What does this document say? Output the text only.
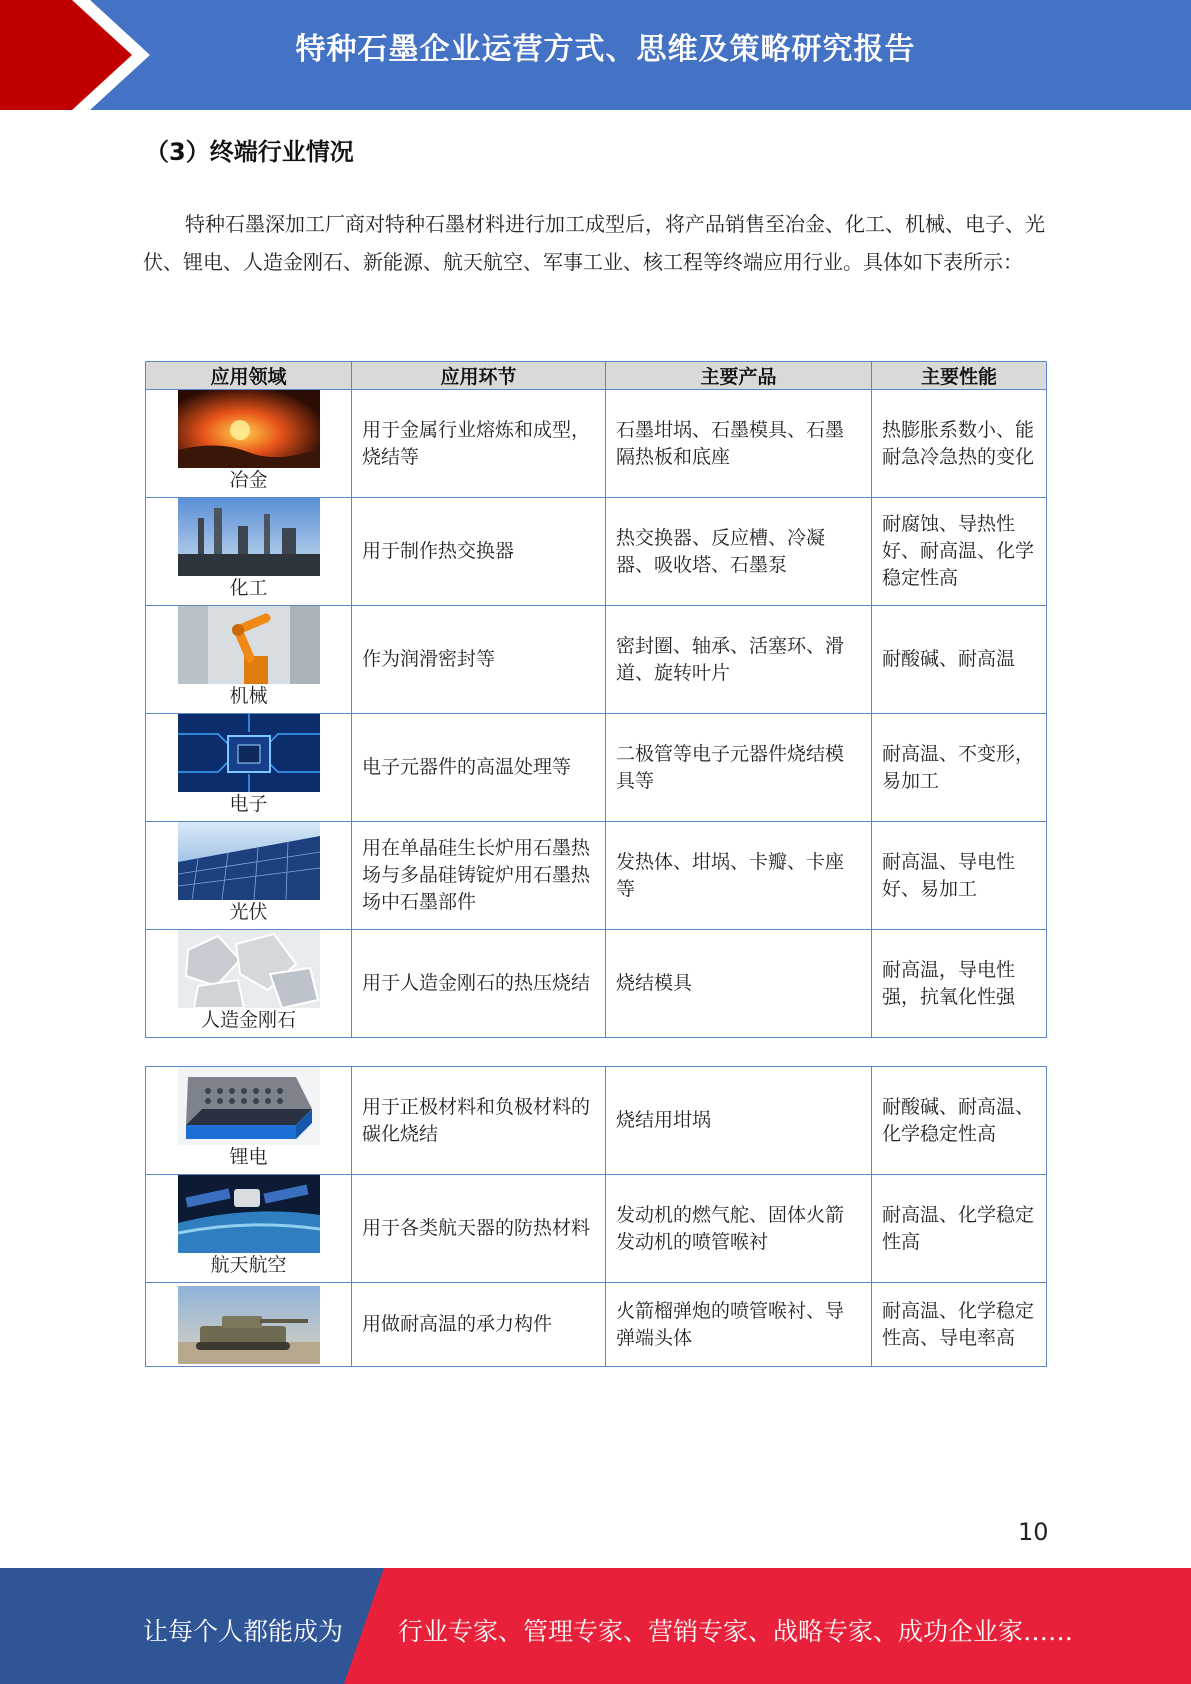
特种石墨企业运营方式、思维及策略研究报告
（3）终端行业情况
特种石墨深加工厂商对特种石墨材料进行加工成型后，将产品销售至冶金、化工、机械、电子、光伏、锂电、人造金刚石、新能源、航天航空、军事工业、核工程等终端应用行业。具体如下表所示：
应用领域	应用环节	主要产品	主要性能

冶金	用于金属行业熔炼和成型，烧结等	石墨坩埚、石墨模具、石墨隔热板和底座	热膨胀系数小、能耐急冷急热的变化

化工	用于制作热交换器	热交换器、反应槽、冷凝器、吸收塔、石墨泵	耐腐蚀、导热性好、耐高温、化学稳定性高

机械	作为润滑密封等	密封圈、轴承、活塞环、滑道、旋转叶片	耐酸碱、耐高温

电子	电子元器件的高温处理等	二极管等电子元器件烧结模具等	耐高温、不变形，易加工

光伏	用在单晶硅生长炉用石墨热场与多晶硅铸锭炉用石墨热场中石墨部件	发热体、坩埚、卡瓣、卡座等	耐高温、导电性好、易加工

人造金刚石	用于人造金刚石的热压烧结	烧结模具	耐高温，导电性强，抗氧化性强
锂电	用于正极材料和负极材料的碳化烧结	烧结用坩埚	耐酸碱、耐高温、化学稳定性高

航天航空	用于各类航天器的防热材料	发动机的燃气舵、固体火箭发动机的喷管喉衬	耐高温、化学稳定性高

	用做耐高温的承力构件	火箭榴弹炮的喷管喉衬、导弹端头体	耐高温、化学稳定性高、导电率高
10
让每个人都能成为 行业专家、管理专家、营销专家、战略专家、成功企业家……
